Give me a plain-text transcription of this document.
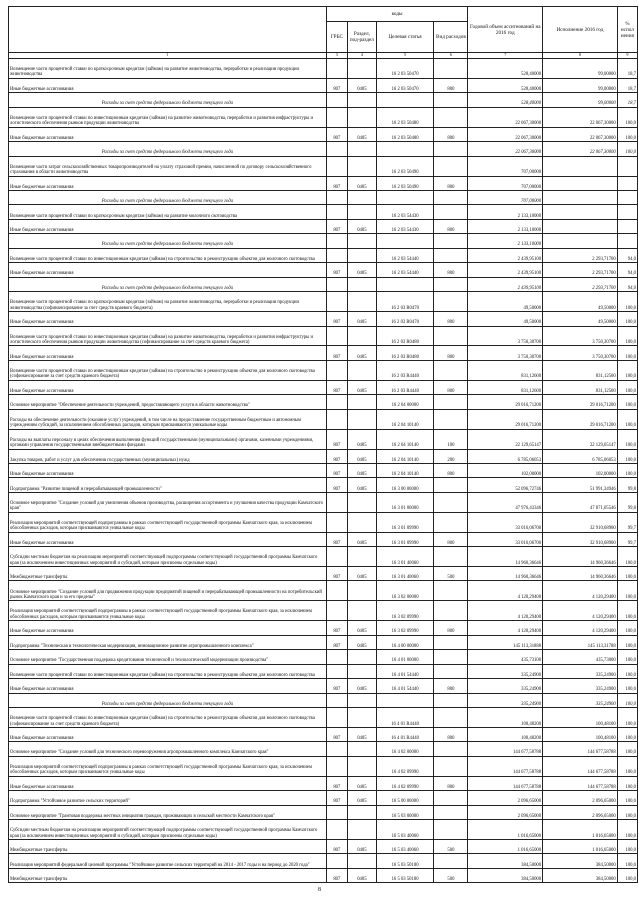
	коды				Годовой объем ассигнований на 2016 год	Исполнение 2016 год	% испол нения
	ГРБС	Раздел, под-раздел	Целевая статья	Вид расходов			
1	3	4	5	6	7	8	9
Возмещение части процентной ставки по краткосрочным кредитам (займам) на развитие животноводства, переработки и реализации продукции животноводства			16 2 03 50470		528,40000	99,00000	18,7
Иные бюджетные ассигнования	807	0405	16 2 03 50470	800	528,40000	99,00000	18,7
Расходы за счет средств федерального бюджета текущего года					528,40000	99,00000	18,7
Возмещение части процентной ставки по инвестиционным кредитам (займам) на развитие животноводства, переработки и развития инфраструктуры и логистического обеспечения рынков продукции животноводства			16 2 03 50480		22 067,30000	22 067,30000	100,0
Иные бюджетные ассигнования	807	0405	16 2 03 50480	800	22 067,30000	22 067,30000	100,0
Расходы за счет средств федерального бюджета текущего года					22 067,30000	22 067,30000	100,0
Возмещение части затрат сельскохозяйственных товаропроизводителей на уплату страховой премии, начисленной по договору сельскохозяйственного страхования в области животноводства			16 2 03 50490		707,00000		
Иные бюджетные ассигнования	807	0405	16 2 03 50490	800	707,00000		
Расходы за счет средств федерального бюджета текущего года					707,00000		
Возмещение части процентной ставки по краткосрочным кредитам (займам) на развитие молочного скотоводства			16 2 03 54430		2 133,10000		
Иные бюджетные ассигнования	807	0405	16 2 03 54430	800	2 133,10000		
Расходы за счет средств федерального бюджета текущего года					2 133,10000		
Возмещение части процентной ставки по инвестиционным кредитам (займам) на строительство и реконструкцию объектов для молочного скотоводства			16 2 03 54440		2 439,95100	2 293,71700	94,0
Иные бюджетные ассигнования	807	0405	16 2 03 54440	800	2 439,95100	2 293,71700	94,0
Расходы за счет средств федерального бюджета текущего года					2 439,95100	2 293,71700	94,0
Возмещение части процентной ставки по краткосрочным кредитам (займам) на развитие животноводства, переработки и реализации продукции животноводства (софинансирование за счет средств краевого бюджета)			16 2 03 R0470		49,50000	49,50000	100,0
Иные бюджетные ассигнования	807	0405	16 2 03 R0470	800	49,50000	49,50000	100,0
Возмещение части процентной ставки по инвестиционным кредитам (займам) на развитие животноводства, переработки и развития инфраструктуры и логистического обеспечения рынков продукции животноводства (софинансирование за счет средств краевого бюджета)			16 2 03 R0480		3 750,30700	3 750,30700	100,0
Иные бюджетные ассигнования	807	0405	16 2 03 R0480	800	3 750,30700	3 750,30700	100,0
Возмещение части процентной ставки по инвестиционным кредитам (займам) на строительство и реконструкцию объектов для молочного скотоводства (софинансирование за счет средств краевого бюджета)			16 2 03 R4440		831,12600	831,12500	100,0
Иные бюджетные ассигнования	807	0405	16 2 03 R4440	800	831,12600	831,12500	100,0
Основное мероприятие "Обеспечение деятельности учреждений, предоставляющего услуги в области животноводства"			16 2 04 00000		29 016,71200	29 016,71200	100,0
Расходы на обеспечение деятельности (оказание услуг) учреждений, в том числе на предоставление государственным бюджетным и автономным учреждениям субсидий, за исключением обособленных расходов, которым присваиваются уникальные коды			16 2 04 10140		29 016,71200	29 016,71200	100,0
Расходы на выплаты персоналу в целях обеспечения выполнения функций государственными (муниципальными) органами, казенными учреждениями, органами управления государственными внебюджетными фондами	807	0405	16 2 04 10140	100	22 129,65147	22 129,65147	100,0
Закупка товаров, работ и услуг для обеспечения государственных (муниципальных) нужд	807	0405	16 2 04 10140	200	6 785,06053	6 785,06053	100,0
Иные бюджетные ассигнования	807	0405	16 2 04 10140	800	102,00000	102,00000	100,0
Подпрограмма "Развитие пищевой и перерабатывающей промышленности"	807	0405	16 3 00 00000		52 096,72746	51 991,34946	99,8
Основное мероприятие "Создание условий для увеличения объемов производства, расширения ассортимента и улучшения качества продукции Камчатского края"			16 3 01 00000		47 976,43346	47 871,05546	99,8
Реализация мероприятий соответствующей подпрограммы в рамках соответствующей государственной программы Камчатского края, за исключением обособленных расходов, которым присваиваются уникальные коды			16 3 01 09990		33 016,06700	32 910,68900	99,7
Иные бюджетные ассигнования	807	0405	16 3 01 09990	800	33 016,06700	32 910,68900	99,7
Субсидии местным бюджетам на реализацию мероприятий соответствующей подпрограммы соответствующей государственной программы Камчатского края (за исключением инвестиционных мероприятий и субсидий, которым присвоены отдельные коды)			16 3 01 40060		14 960,36646	14 960,36646	100,0
Межбюджетные трансферты	807	0405	16 3 01 40060	500	14 960,36646	14 960,36646	100,0
Основное мероприятие "Создание условий для продвижения продукции предприятий пищевой и перерабатывающей промышленности на потребительский рынок Камчатского края и за его пределы"			16 3 02 00000		4 120,29400	4 120,29400	100,0
Реализация мероприятий соответствующей подпрограммы в рамках соответствующей государственной программы Камчатского края, за исключением обособленных расходов, которым присваиваются уникальные коды			16 3 02 09990		4 120,29400	4 120,29400	100,0
Иные бюджетные ассигнования	807	0405	16 3 02 09990	800	4 120,29400	4 120,29400	100,0
Подпрограмма "Техническая и технологическая модернизация, инновационное развитие агропромышленного комплекса"	807	0405	16 4 00 00000		145 113,31888	145 113,31788	100,0
Основное мероприятие "Государственная поддержка кредитования технической и технологической модернизации производства"			16 4 01 00000		435,73100	435,73000	100,0
Возмещение части процентной ставки по инвестиционным кредитам (займам) на строительство и реконструкцию объектов для молочного скотоводства			16 4 01 54440		335,24900	335,24900	100,0
Иные бюджетные ассигнования	807	0405	16 4 01 54440	800	335,24900	335,24900	100,0
Расходы за счет средств федерального бюджета текущего года					335,24900	335,24900	100,0
Возмещение части процентной ставки по инвестиционным кредитам (займам) на строительство и реконструкцию объектов для молочного скотоводства (софинансирование за счет средств краевого бюджета)			16 4 01 R4440		100,48200	100,48100	100,0
Иные бюджетные ассигнования	807	0405	16 4 01 R4440	800	100,48200	100,48100	100,0
Основное мероприятие "Создание условий для технического перевооружения агропромышленного комплекса Камчатского края"			16 4 02 00000		144 677,58788	144 677,58788	100,0
Реализация мероприятий соответствующей подпрограммы в рамках соответствующей государственной программы Камчатского края, за исключением обособленных расходов, которым присваиваются уникальные коды			16 4 02 09990		144 677,58788	144 677,58788	100,0
Иные бюджетные ассигнования	807	0405	16 4 02 09990	800	144 677,58788	144 677,58788	100,0
Подпрограмма "Устойчивое развитие сельских территорий"	807	0405	16 5 00 00000		2 096,65000	2 096,65000	100,0
Основное мероприятие "Грантовая поддержка местных инициатив граждан, проживающих в сельской местности Камчатского края"			16 5 03 00000		2 096,65000	2 096,65000	100,0
Субсидии местным бюджетам на реализацию мероприятий соответствующей подпрограммы соответствующей государственной программы Камчатского края (за исключением инвестиционных мероприятий и субсидий, которым присвоены отдельные коды)			16 5 03 40060		1 016,65000	1 016,65000	100,0
Межбюджетные трансферты	807	0405	16 5 03 40060	500	1 016,65000	1 016,65000	100,0
Реализация мероприятий федеральной целевой программы "Устойчивое развитие сельских территорий на 2014 - 2017 годы и на период до 2020 года"			16 5 03 50180		384,50000	384,50000	100,0
Межбюджетные трансферты	807	0405	16 5 03 50180	500	384,50000	384,50000	100,0
8
